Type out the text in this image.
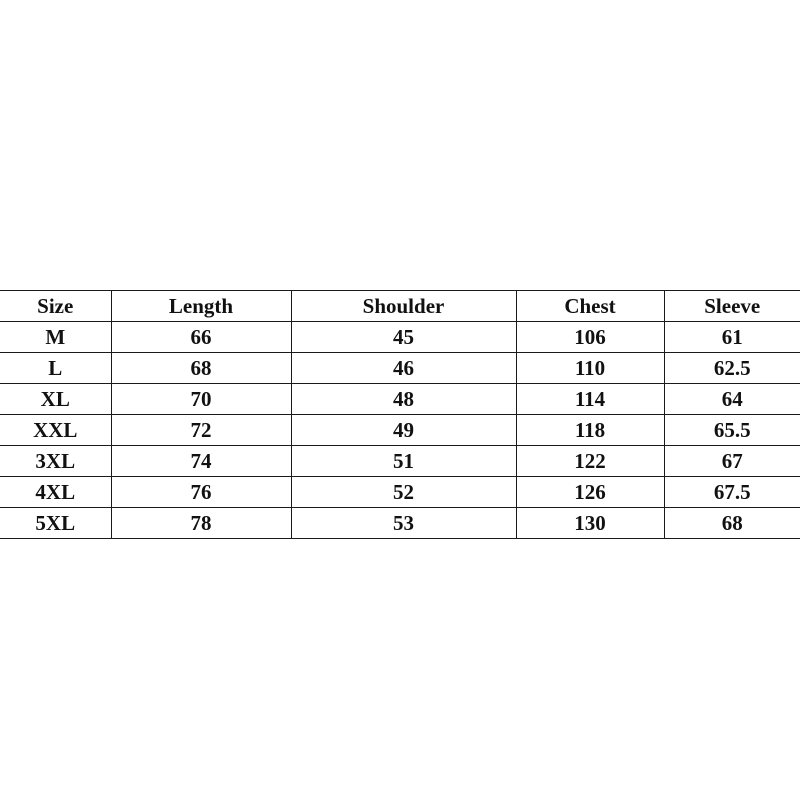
Size	Length	Shoulder	Chest	Sleeve
M	66	45	106	61
L	68	46	110	62.5
XL	70	48	114	64
XXL	72	49	118	65.5
3XL	74	51	122	67
4XL	76	52	126	67.5
5XL	78	53	130	68
